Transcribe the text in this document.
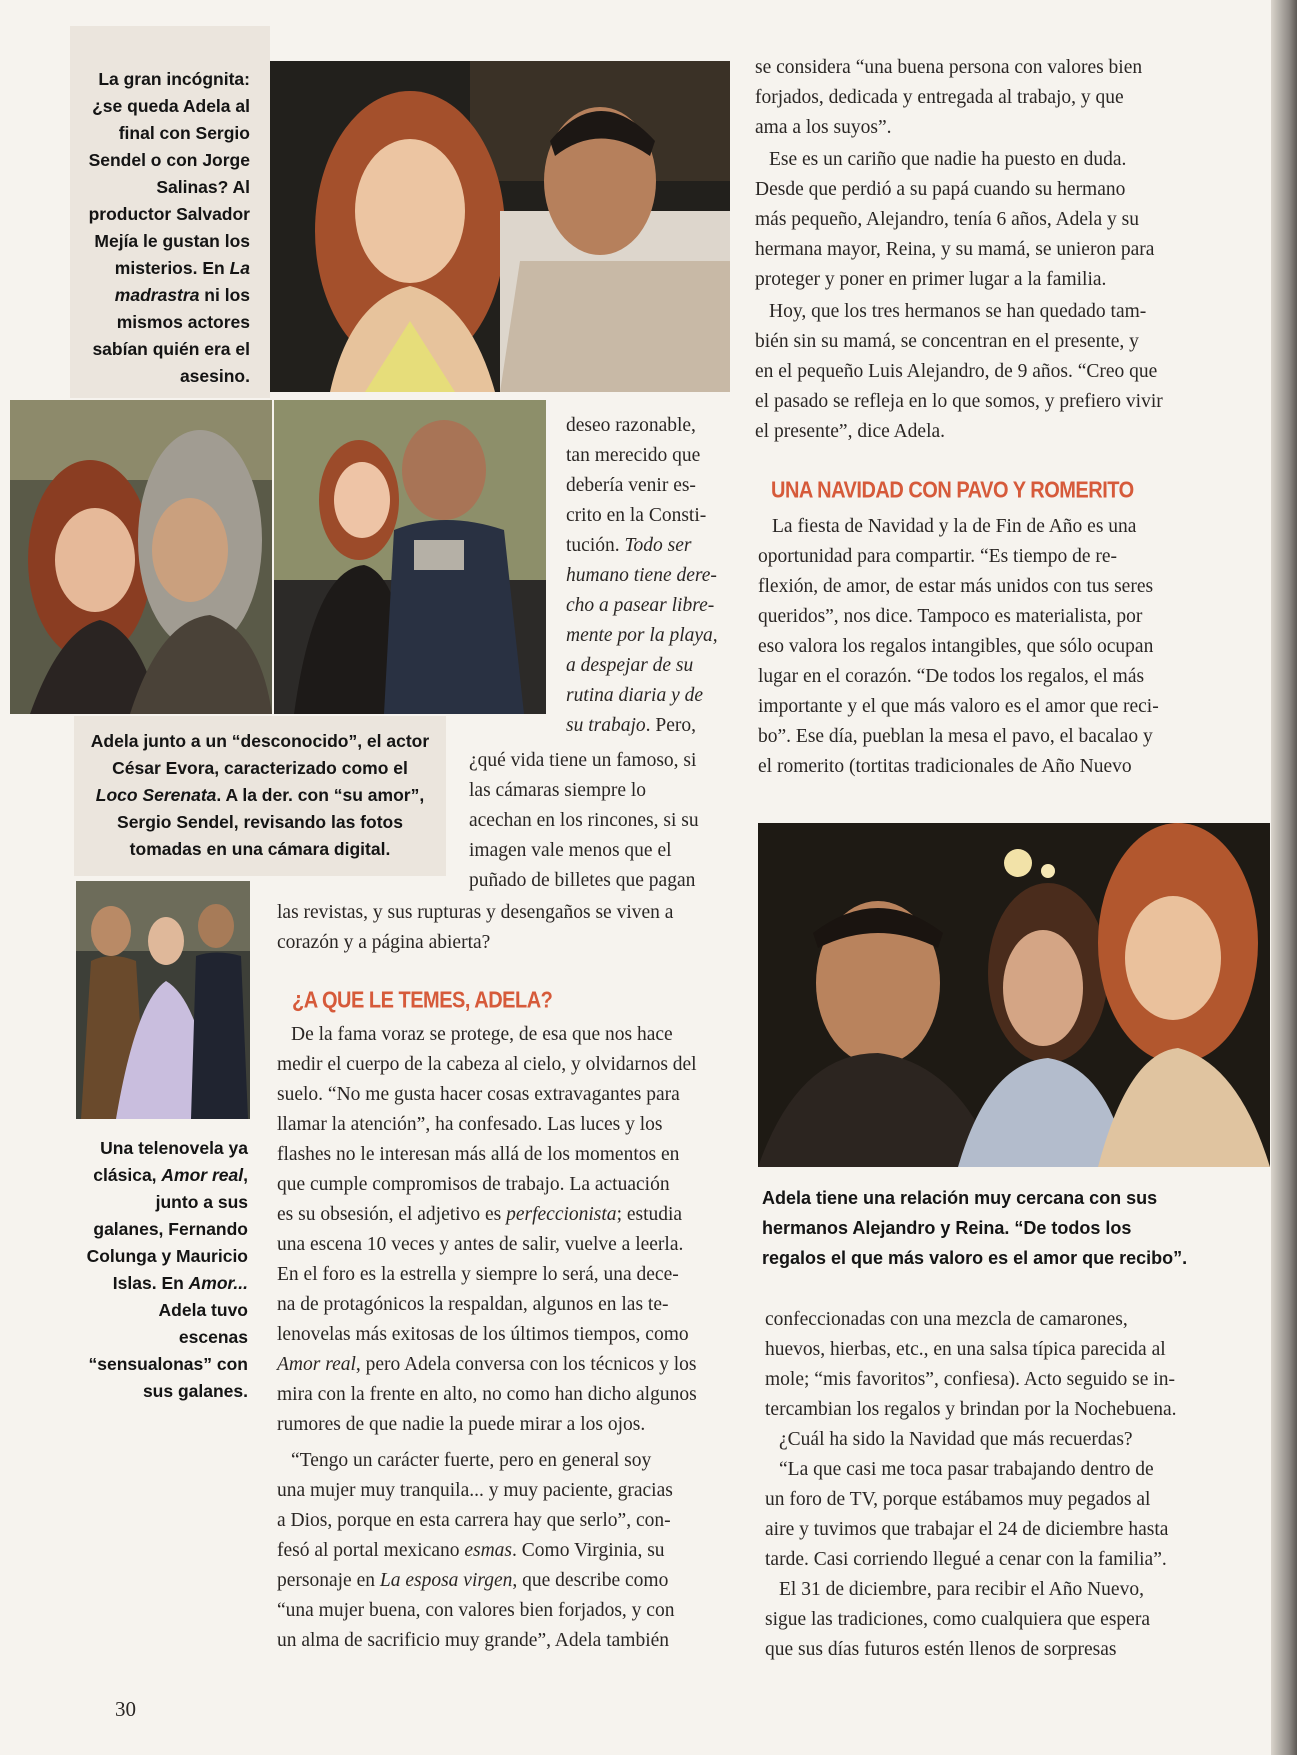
La gran incógnita:

¿se queda Adela al

final con Sergio

Sendel o con Jorge

Salinas? Al

productor Salvador

Mejía le gustan los

misterios. En La

madrastra ni los

mismos actores

sabían quién era el

asesino.

Adela junto a un “desconocido”, el actor

César Evora, caracterizado como el

Loco Serenata. A la der. con “su amor”,

Sergio Sendel, revisando las fotos

tomadas en una cámara digital.

Una telenovela ya

clásica, Amor real,

junto a sus

galanes, Fernando

Colunga y Mauricio

Islas. En Amor...

Adela tuvo

escenas

“sensualonas” con

sus galanes.

Adela tiene una relación muy cercana con sus

hermanos Alejandro y Reina. “De todos los

regalos el que más valoro es el amor que recibo”.

deseo razonable,

tan merecido que

debería venir es-

crito en la Consti-

tución. Todo ser

humano tiene dere-

cho a pasear libre-

mente por la playa,

a despejar de su

rutina diaria y de

su trabajo. Pero,

¿qué vida tiene un famoso, si

las cámaras siempre lo

acechan en los rincones, si su

imagen vale menos que el

puñado de billetes que pagan

las revistas, y sus rupturas y desengaños se viven a

corazón y a página abierta?

¿A QUE LE TEMES, ADELA?

De la fama voraz se protege, de esa que nos hace

medir el cuerpo de la cabeza al cielo, y olvidarnos del

suelo. “No me gusta hacer cosas extravagantes para

llamar la atención”, ha confesado. Las luces y los

flashes no le interesan más allá de los momentos en

que cumple compromisos de trabajo. La actuación

es su obsesión, el adjetivo es perfeccionista; estudia

una escena 10 veces y antes de salir, vuelve a leerla.

En el foro es la estrella y siempre lo será, una dece-

na de protagónicos la respaldan, algunos en las te-

lenovelas más exitosas de los últimos tiempos, como

Amor real, pero Adela conversa con los técnicos y los

mira con la frente en alto, no como han dicho algunos

rumores de que nadie la puede mirar a los ojos.

“Tengo un carácter fuerte, pero en general soy

una mujer muy tranquila... y muy paciente, gracias

a Dios, porque en esta carrera hay que serlo”, con-

fesó al portal mexicano esmas. Como Virginia, su

personaje en La esposa virgen, que describe como

“una mujer buena, con valores bien forjados, y con

un alma de sacrificio muy grande”, Adela también

se considera “una buena persona con valores bien

forjados, dedicada y entregada al trabajo, y que

ama a los suyos”.

Ese es un cariño que nadie ha puesto en duda.

Desde que perdió a su papá cuando su hermano

más pequeño, Alejandro, tenía 6 años, Adela y su

hermana mayor, Reina, y su mamá, se unieron para

proteger y poner en primer lugar a la familia.

Hoy, que los tres hermanos se han quedado tam-

bién sin su mamá, se concentran en el presente, y

en el pequeño Luis Alejandro, de 9 años. “Creo que

el pasado se refleja en lo que somos, y prefiero vivir

el presente”, dice Adela.

UNA NAVIDAD CON PAVO Y ROMERITO

La fiesta de Navidad y la de Fin de Año es una

oportunidad para compartir. “Es tiempo de re-

flexión, de amor, de estar más unidos con tus seres

queridos”, nos dice. Tampoco es materialista, por

eso valora los regalos intangibles, que sólo ocupan

lugar en el corazón. “De todos los regalos, el más

importante y el que más valoro es el amor que reci-

bo”. Ese día, pueblan la mesa el pavo, el bacalao y

el romerito (tortitas tradicionales de Año Nuevo

confeccionadas con una mezcla de camarones,

huevos, hierbas, etc., en una salsa típica parecida al

mole; “mis favoritos”, confiesa). Acto seguido se in-

tercambian los regalos y brindan por la Nochebuena.

¿Cuál ha sido la Navidad que más recuerdas?

“La que casi me toca pasar trabajando dentro de

un foro de TV, porque estábamos muy pegados al

aire y tuvimos que trabajar el 24 de diciembre hasta

tarde. Casi corriendo llegué a cenar con la familia”.

El 31 de diciembre, para recibir el Año Nuevo,

sigue las tradiciones, como cualquiera que espera

que sus días futuros estén llenos de sorpresas

30
